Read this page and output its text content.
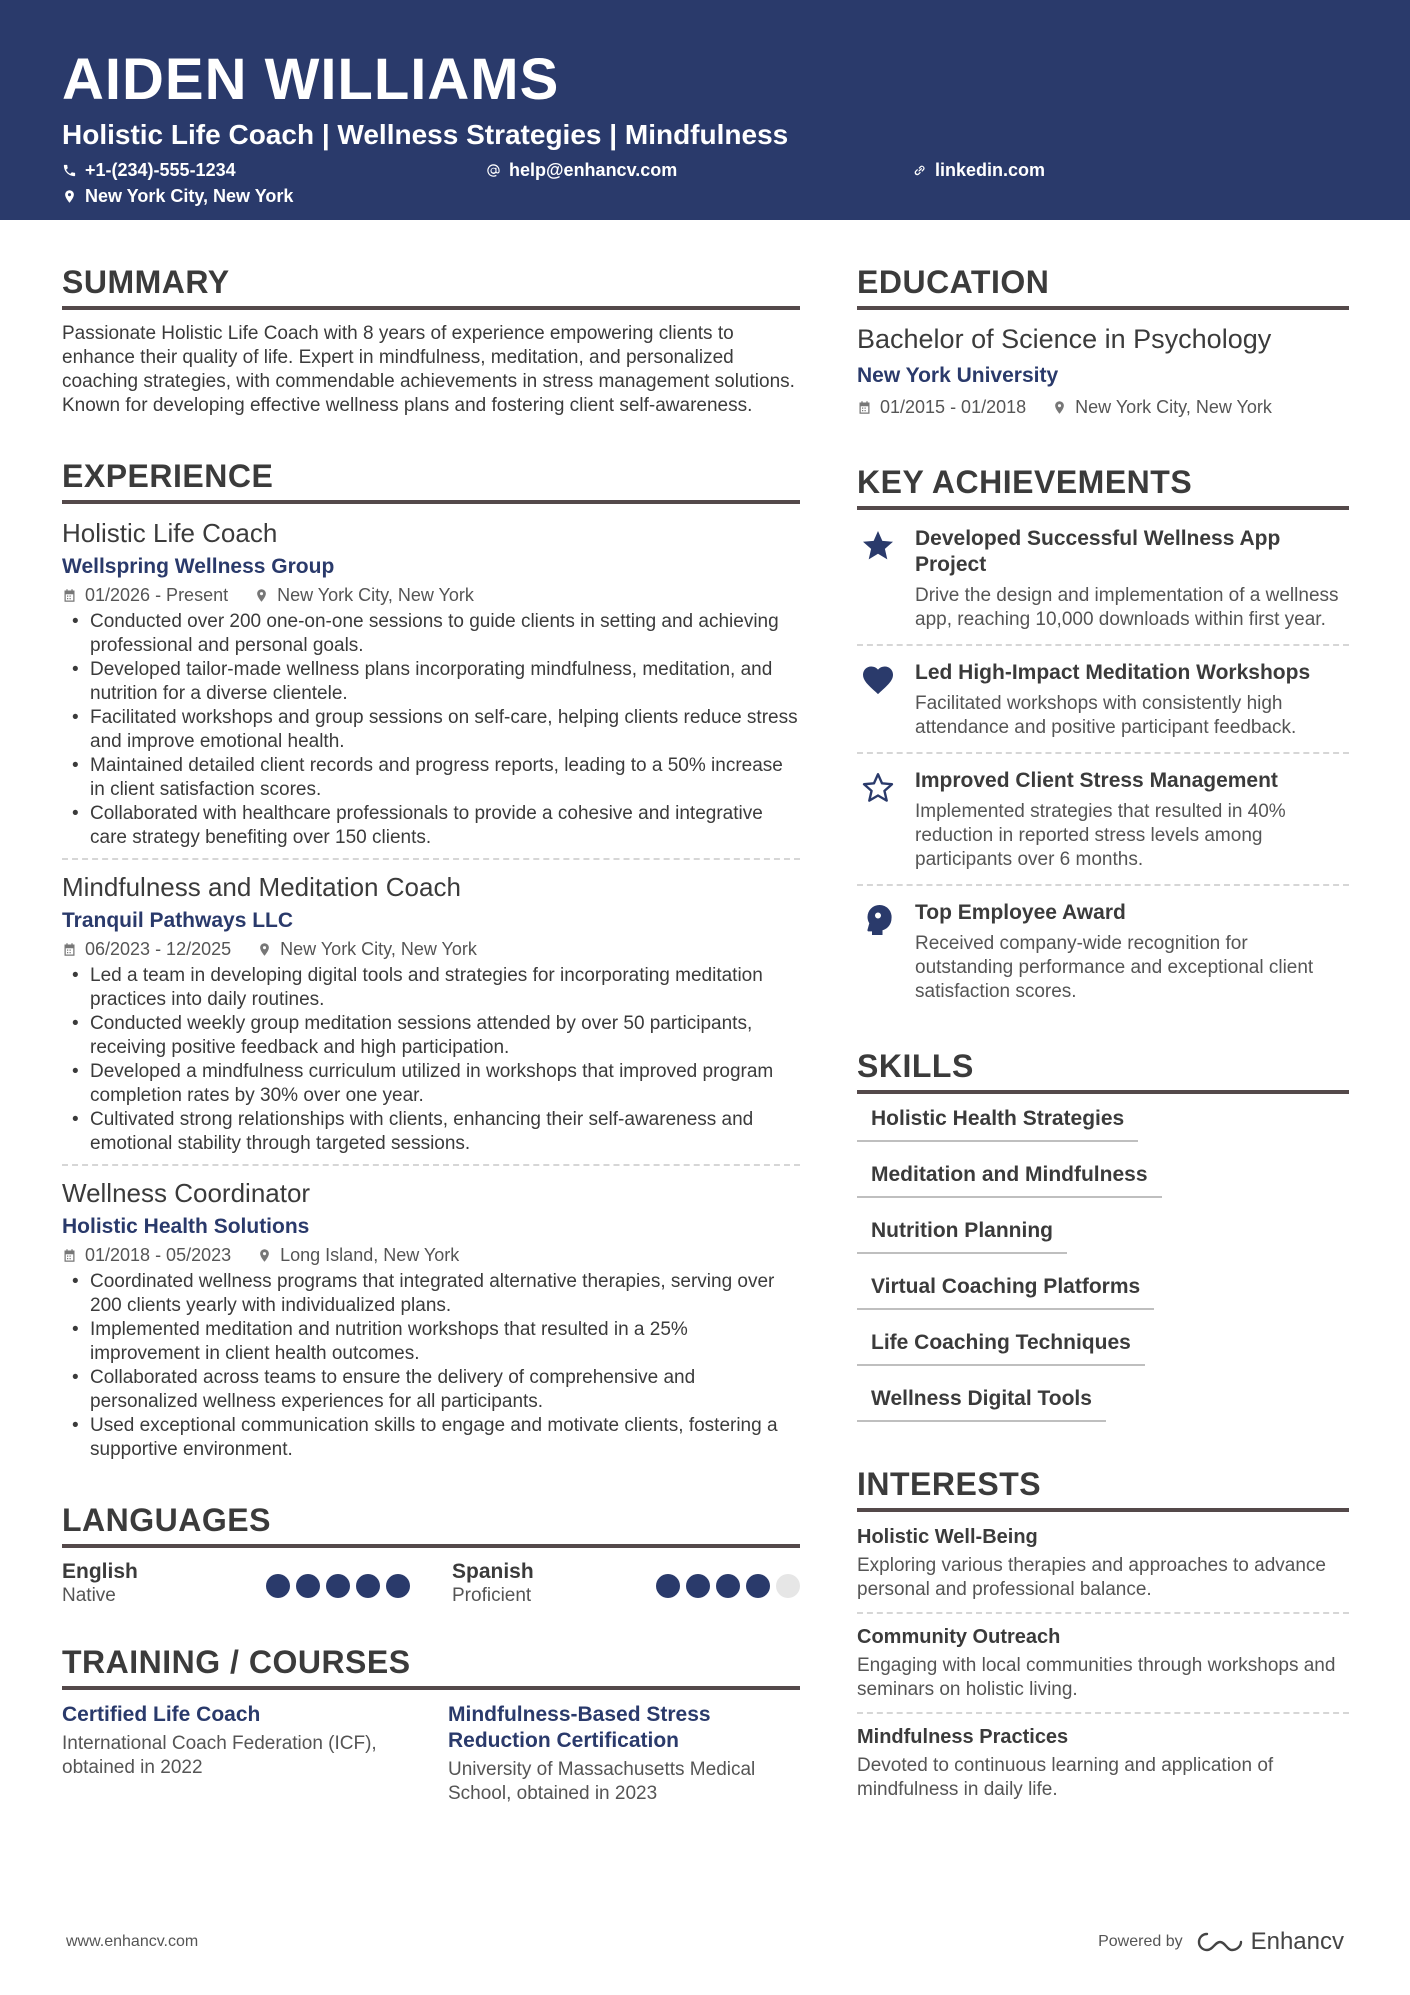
AIDEN WILLIAMS
Holistic Life Coach | Wellness Strategies | Mindfulness
+1-(234)-555-1234	help@enhancv.com	linkedin.com
New York City, New York
SUMMARY
Passionate Holistic Life Coach with 8 years of experience empowering clients to enhance their quality of life. Expert in mindfulness, meditation, and personalized coaching strategies, with commendable achievements in stress management solutions. Known for developing effective wellness plans and fostering client self-awareness.
EXPERIENCE
Holistic Life Coach
Wellspring Wellness Group
01/2026 - Present	New York City, New York
• Conducted over 200 one-on-one sessions to guide clients in setting and achieving professional and personal goals.
• Developed tailor-made wellness plans incorporating mindfulness, meditation, and nutrition for a diverse clientele.
• Facilitated workshops and group sessions on self-care, helping clients reduce stress and improve emotional health.
• Maintained detailed client records and progress reports, leading to a 50% increase in client satisfaction scores.
• Collaborated with healthcare professionals to provide a cohesive and integrative care strategy benefiting over 150 clients.
Mindfulness and Meditation Coach
Tranquil Pathways LLC
06/2023 - 12/2025	New York City, New York
• Led a team in developing digital tools and strategies for incorporating meditation practices into daily routines.
• Conducted weekly group meditation sessions attended by over 50 participants, receiving positive feedback and high participation.
• Developed a mindfulness curriculum utilized in workshops that improved program completion rates by 30% over one year.
• Cultivated strong relationships with clients, enhancing their self-awareness and emotional stability through targeted sessions.
Wellness Coordinator
Holistic Health Solutions
01/2018 - 05/2023	Long Island, New York
• Coordinated wellness programs that integrated alternative therapies, serving over 200 clients yearly with individualized plans.
• Implemented meditation and nutrition workshops that resulted in a 25% improvement in client health outcomes.
• Collaborated across teams to ensure the delivery of comprehensive and personalized wellness experiences for all participants.
• Used exceptional communication skills to engage and motivate clients, fostering a supportive environment.
LANGUAGES
English
Native
Spanish
Proficient
TRAINING / COURSES
Certified Life Coach
International Coach Federation (ICF), obtained in 2022
Mindfulness-Based Stress Reduction Certification
University of Massachusetts Medical School, obtained in 2023
EDUCATION
Bachelor of Science in Psychology
New York University
01/2015 - 01/2018	New York City, New York
KEY ACHIEVEMENTS
Developed Successful Wellness App Project
Drive the design and implementation of a wellness app, reaching 10,000 downloads within first year.
Led High-Impact Meditation Workshops
Facilitated workshops with consistently high attendance and positive participant feedback.
Improved Client Stress Management
Implemented strategies that resulted in 40% reduction in reported stress levels among participants over 6 months.
Top Employee Award
Received company-wide recognition for outstanding performance and exceptional client satisfaction scores.
SKILLS
Holistic Health Strategies
Meditation and Mindfulness
Nutrition Planning
Virtual Coaching Platforms
Life Coaching Techniques
Wellness Digital Tools
INTERESTS
Holistic Well-Being
Exploring various therapies and approaches to advance personal and professional balance.
Community Outreach
Engaging with local communities through workshops and seminars on holistic living.
Mindfulness Practices
Devoted to continuous learning and application of mindfulness in daily life.
www.enhancv.com	Powered by	Enhancv
